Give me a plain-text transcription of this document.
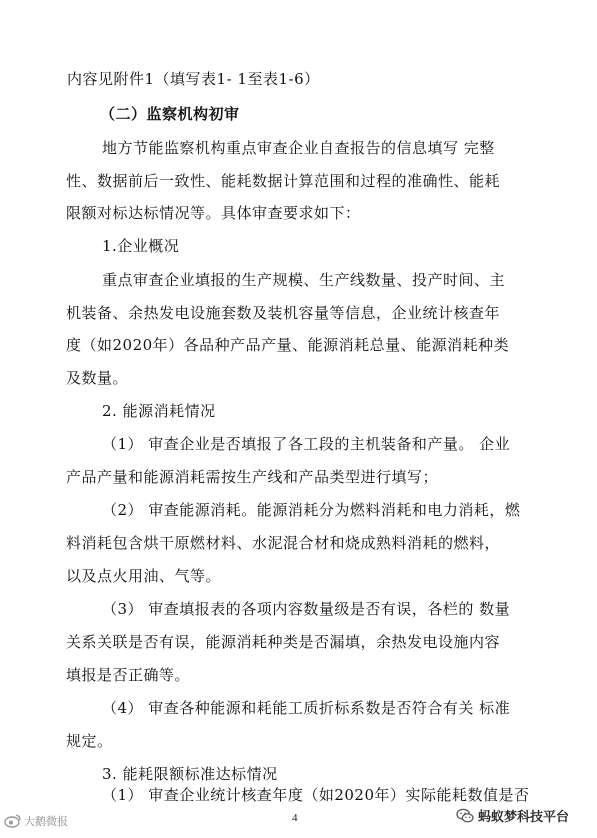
内容见附件1（填写表1- 1至表1-6）
（二）监察机构初审
地方节能监察机构重点审查企业自查报告的信息填写 完整
性、数据前后一致性、能耗数据计算范围和过程的准确性、能耗
限额对标达标情况等。具体审查要求如下：
1.企业概况
重点审查企业填报的生产规模、生产线数量、投产时间、主
机装备、余热发电设施套数及装机容量等信息，企业统计核查年
度（如2020年）各品种产品产量、能源消耗总量、能源消耗种类
及数量。
2. 能源消耗情况
（1） 审查企业是否填报了各工段的主机装备和产量。 企业
产品产量和能源消耗需按生产线和产品类型进行填写；
（2） 审查能源消耗。能源消耗分为燃料消耗和电力消耗，燃
料消耗包含烘干原燃材料、水泥混合材和烧成熟料消耗的燃料，
以及点火用油、气等。
（3） 审查填报表的各项内容数量级是否有误，各栏的 数量
关系关联是否有误，能源消耗种类是否漏填，余热发电设施内容
填报是否正确等。
（4） 审查各种能源和耗能工质折标系数是否符合有关 标准
规定。
3. 能耗限额标准达标情况
（1） 审查企业统计核查年度（如2020年）实际能耗数值是否
4
大鹅微报	蚂蚁梦科技平台
